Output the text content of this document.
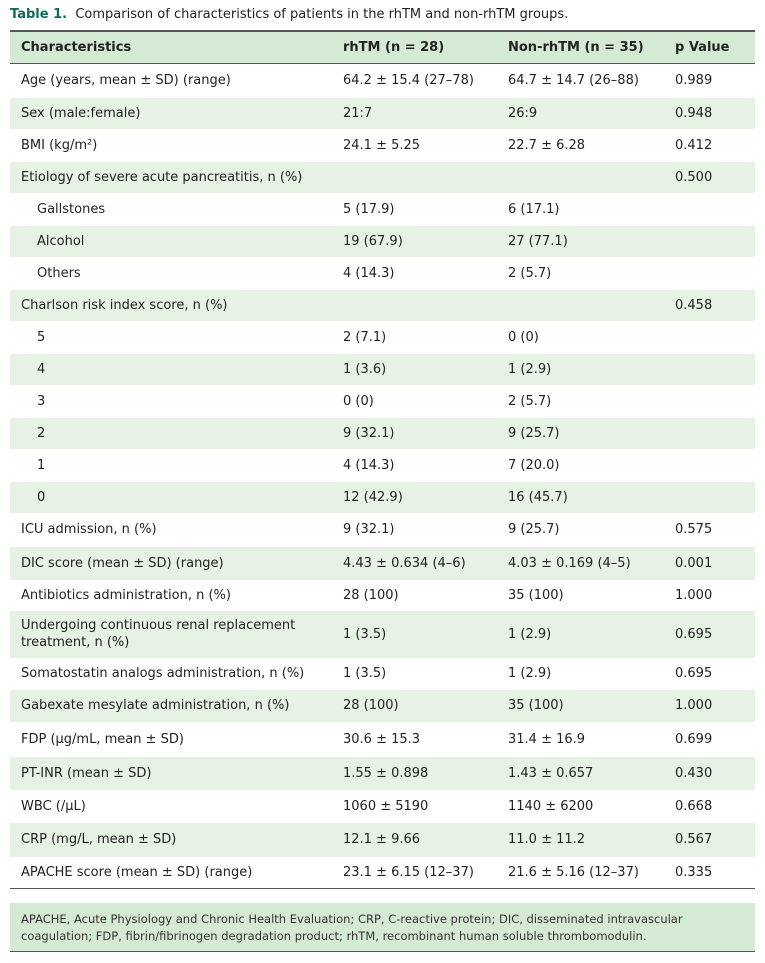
Table 1. Comparison of characteristics of patients in the rhTM and non-rhTM groups.
Characteristics	rhTM (n = 28)	Non-rhTM (n = 35)	p Value
Age (years, mean ± SD) (range)	64.2 ± 15.4 (27–78)	64.7 ± 14.7 (26–88)	0.989
Sex (male:female)	21:7	26:9	0.948
BMI (kg/m²)	24.1 ± 5.25	22.7 ± 6.28	0.412
Etiology of severe acute pancreatitis, n (%)			0.500
Gallstones	5 (17.9)	6 (17.1)	
Alcohol	19 (67.9)	27 (77.1)	
Others	4 (14.3)	2 (5.7)	
Charlson risk index score, n (%)			0.458
5	2 (7.1)	0 (0)	
4	1 (3.6)	1 (2.9)	
3	0 (0)	2 (5.7)	
2	9 (32.1)	9 (25.7)	
1	4 (14.3)	7 (20.0)	
0	12 (42.9)	16 (45.7)	
ICU admission, n (%)	9 (32.1)	9 (25.7)	0.575
DIC score (mean ± SD) (range)	4.43 ± 0.634 (4–6)	4.03 ± 0.169 (4–5)	0.001
Antibiotics administration, n (%)	28 (100)	35 (100)	1.000
Undergoing continuous renal replacement treatment, n (%)	1 (3.5)	1 (2.9)	0.695
Somatostatin analogs administration, n (%)	1 (3.5)	1 (2.9)	0.695
Gabexate mesylate administration, n (%)	28 (100)	35 (100)	1.000
FDP (μg/mL, mean ± SD)	30.6 ± 15.3	31.4 ± 16.9	0.699
PT-INR (mean ± SD)	1.55 ± 0.898	1.43 ± 0.657	0.430
WBC (/μL)	1060 ± 5190	1140 ± 6200	0.668
CRP (mg/L, mean ± SD)	12.1 ± 9.66	11.0 ± 11.2	0.567
APACHE score (mean ± SD) (range)	23.1 ± 6.15 (12–37)	21.6 ± 5.16 (12–37)	0.335
APACHE, Acute Physiology and Chronic Health Evaluation; CRP, C-reactive protein; DIC, disseminated intravascular coagulation; FDP, fibrin/fibrinogen degradation product; rhTM, recombinant human soluble thrombomodulin.
